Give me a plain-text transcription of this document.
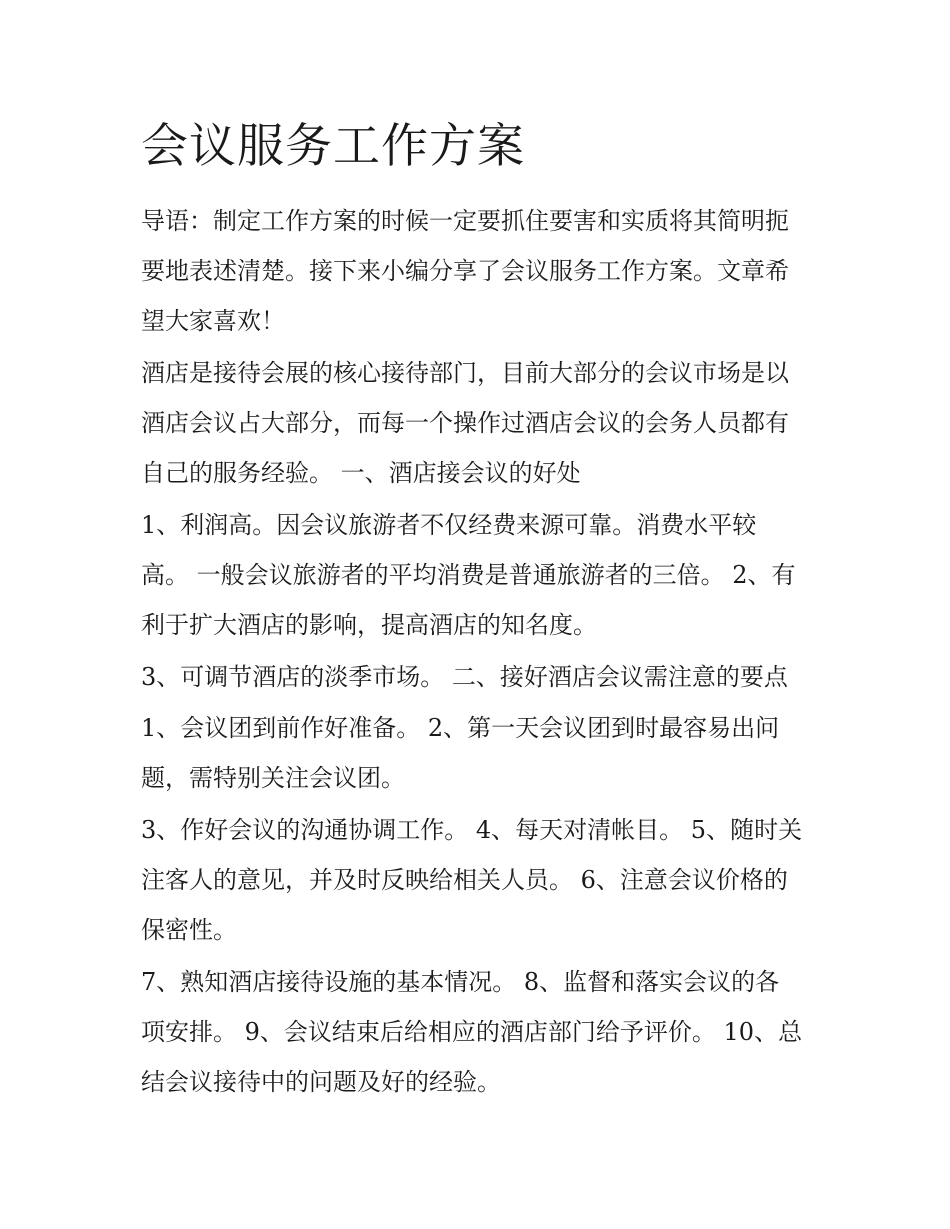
会议服务工作方案

导语：制定工作方案的时候一定要抓住要害和实质将其简明扼

要地表述清楚。接下来小编分享了会议服务工作方案。文章希

望大家喜欢！

酒店是接待会展的核心接待部门，目前大部分的会议市场是以

酒店会议占大部分，而每一个操作过酒店会议的会务人员都有

自己的服务经验。 一、酒店接会议的好处

1、利润高。因会议旅游者不仅经费来源可靠。消费水平较

高。 一般会议旅游者的平均消费是普通旅游者的三倍。 2、有

利于扩大酒店的影响，提高酒店的知名度。

3、可调节酒店的淡季市场。 二、接好酒店会议需注意的要点

1、会议团到前作好准备。 2、第一天会议团到时最容易出问

题，需特别关注会议团。

3、作好会议的沟通协调工作。 4、每天对清帐目。 5、随时关

注客人的意见，并及时反映给相关人员。 6、注意会议价格的

保密性。

7、熟知酒店接待设施的基本情况。 8、监督和落实会议的各

项安排。 9、会议结束后给相应的酒店部门给予评价。 10、总

结会议接待中的问题及好的经验。
